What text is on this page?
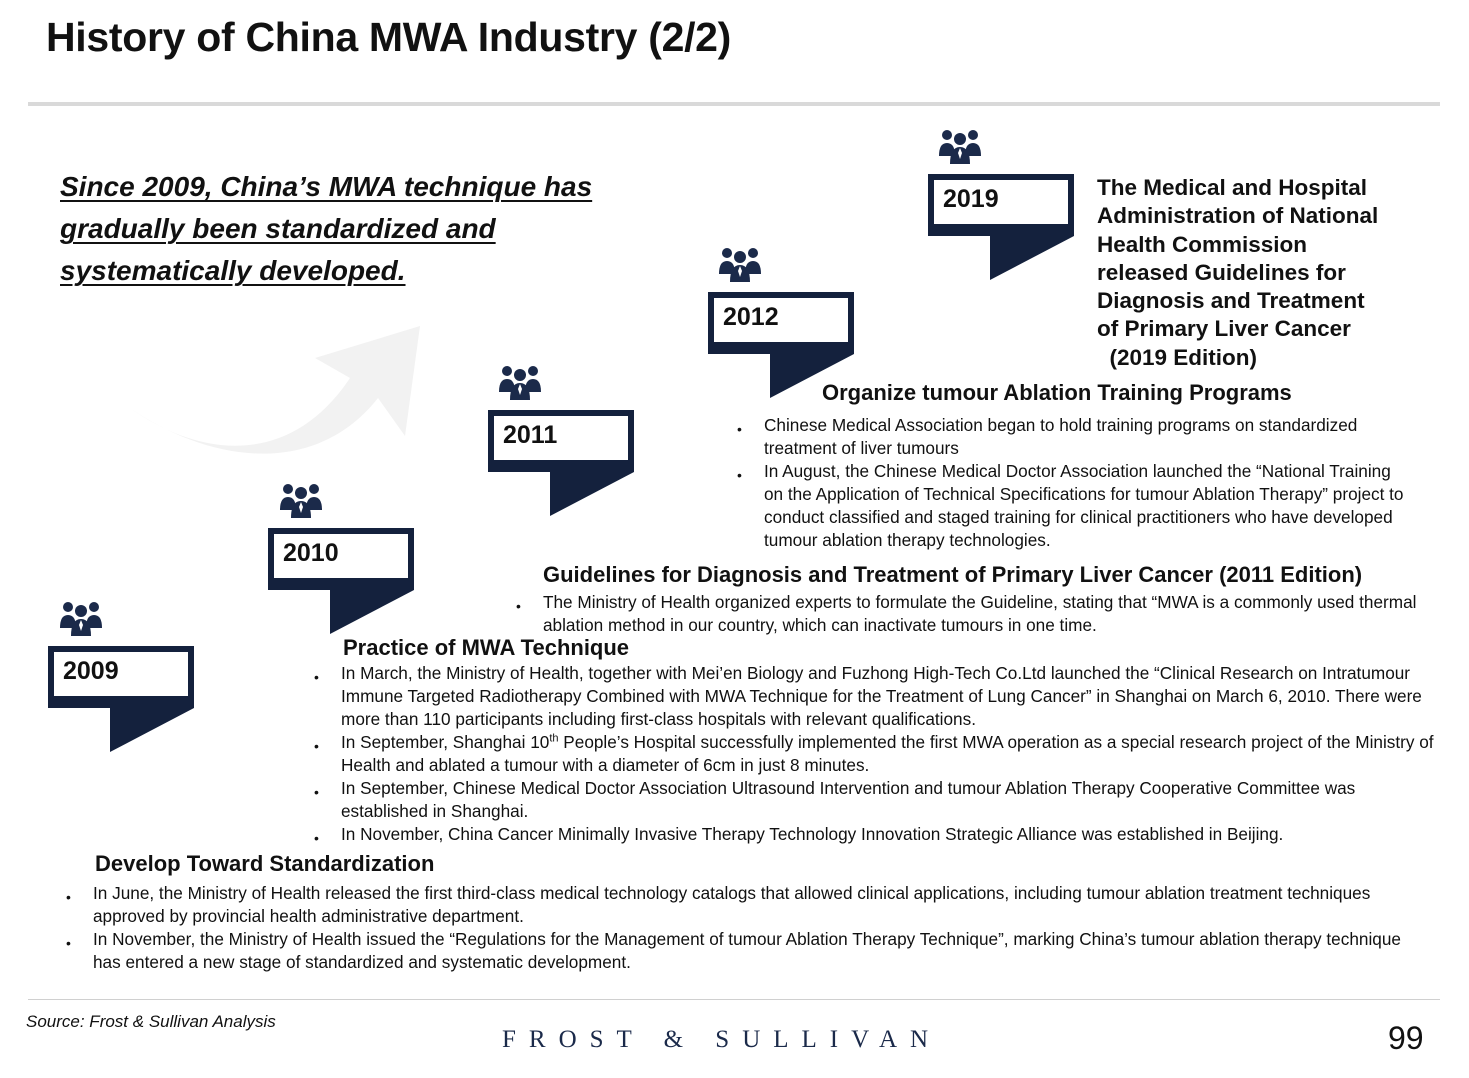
History of China MWA Industry (2/2)
Since 2009, China’s MWA technique has
gradually been standardized and
systematically developed.
2009
2010
2011
2012
2019	The Medical and Hospital
Administration of National
Health Commission
released Guidelines for
Diagnosis and Treatment
of Primary Liver Cancer
(2019 Edition)
Organize tumour Ablation Training Programs
• Chinese Medical Association began to hold training programs on standardized treatment of liver tumours
• In August, the Chinese Medical Doctor Association launched the “National Training on the Application of Technical Specifications for tumour Ablation Therapy” project to conduct classified and staged training for clinical practitioners who have developed tumour ablation therapy technologies.
Guidelines for Diagnosis and Treatment of Primary Liver Cancer (2011 Edition)
• The Ministry of Health organized experts to formulate the Guideline, stating that “MWA is a commonly used thermal ablation method in our country, which can inactivate tumours in one time.
Practice of MWA Technique
• In March, the Ministry of Health, together with Mei’en Biology and Fuzhong High-Tech Co.Ltd launched the “Clinical Research on Intratumour Immune Targeted Radiotherapy Combined with MWA Technique for the Treatment of Lung Cancer” in Shanghai on March 6, 2010. There were more than 110 participants including first-class hospitals with relevant qualifications.
• In September, Shanghai 10th People’s Hospital successfully implemented the first MWA operation as a special research project of the Ministry of Health and ablated a tumour with a diameter of 6cm in just 8 minutes.
• In September, Chinese Medical Doctor Association Ultrasound Intervention and tumour Ablation Therapy Cooperative Committee was established in Shanghai.
• In November, China Cancer Minimally Invasive Therapy Technology Innovation Strategic Alliance was established in Beijing.
Develop Toward Standardization
• In June, the Ministry of Health released the first third-class medical technology catalogs that allowed clinical applications, including tumour ablation treatment techniques approved by provincial health administrative department.
• In November, the Ministry of Health issued the “Regulations for the Management of tumour Ablation Therapy Technique”, marking China’s tumour ablation therapy technique has entered a new stage of standardized and systematic development.
Source: Frost & Sullivan Analysis
FROST & SULLIVAN	99
